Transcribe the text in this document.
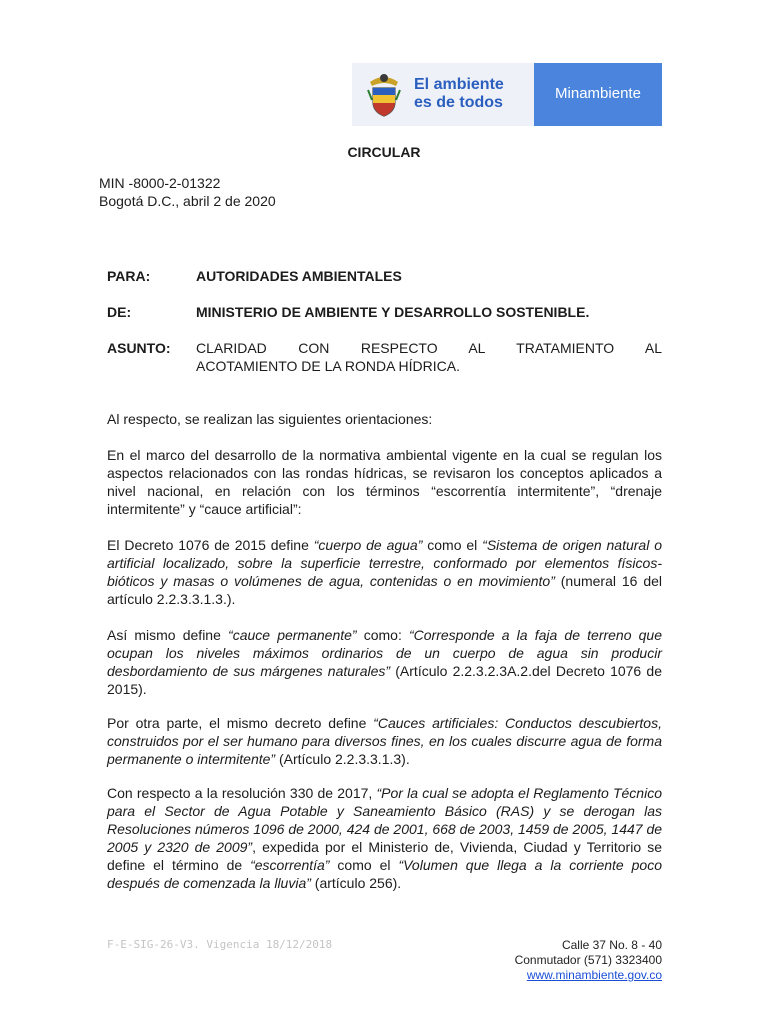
El ambiente
es de todos
Minambiente
CIRCULAR
MIN -8000-2-01322
Bogotá D.C., abril 2 de 2020
PARA:	AUTORIDADES AMBIENTALES
DE:	MINISTERIO DE AMBIENTE Y DESARROLLO SOSTENIBLE.
ASUNTO: CLARIDAD CON RESPECTO AL TRATAMIENTO AL
ACOTAMIENTO DE LA RONDA HÍDRICA.
Al respecto, se realizan las siguientes orientaciones:
En el marco del desarrollo de la normativa ambiental vigente en la cual se regulan los aspectos relacionados con las rondas hídricas, se revisaron los conceptos aplicados a nivel nacional, en relación con los términos “escorrentía intermitente”, “drenaje intermitente” y “cauce artificial”:
El Decreto 1076 de 2015 define “cuerpo de agua” como el “Sistema de origen natural o artificial localizado, sobre la superficie terrestre, conformado por elementos físicos-bióticos y masas o volúmenes de agua, contenidas o en movimiento” (numeral 16 del artículo 2.2.3.3.1.3.).
Así mismo define “cauce permanente” como: “Corresponde a la faja de terreno que ocupan los niveles máximos ordinarios de un cuerpo de agua sin producir desbordamiento de sus márgenes naturales” (Artículo 2.2.3.2.3A.2.del Decreto 1076 de 2015).
Por otra parte, el mismo decreto define “Cauces artificiales: Conductos descubiertos, construidos por el ser humano para diversos fines, en los cuales discurre agua de forma permanente o intermitente” (Artículo 2.2.3.3.1.3).
Con respecto a la resolución 330 de 2017, “Por la cual se adopta el Reglamento Técnico para el Sector de Agua Potable y Saneamiento Básico (RAS) y se derogan las Resoluciones números 1096 de 2000, 424 de 2001, 668 de 2003, 1459 de 2005, 1447 de 2005 y 2320 de 2009”, expedida por el Ministerio de, Vivienda, Ciudad y Territorio se define el término de “escorrentía” como el “Volumen que llega a la corriente poco después de comenzada la lluvia” (artículo 256).
F-E-SIG-26-V3. Vigencia 18/12/2018	Calle 37 No. 8 - 40
Conmutador (571) 3323400
www.minambiente.gov.co
